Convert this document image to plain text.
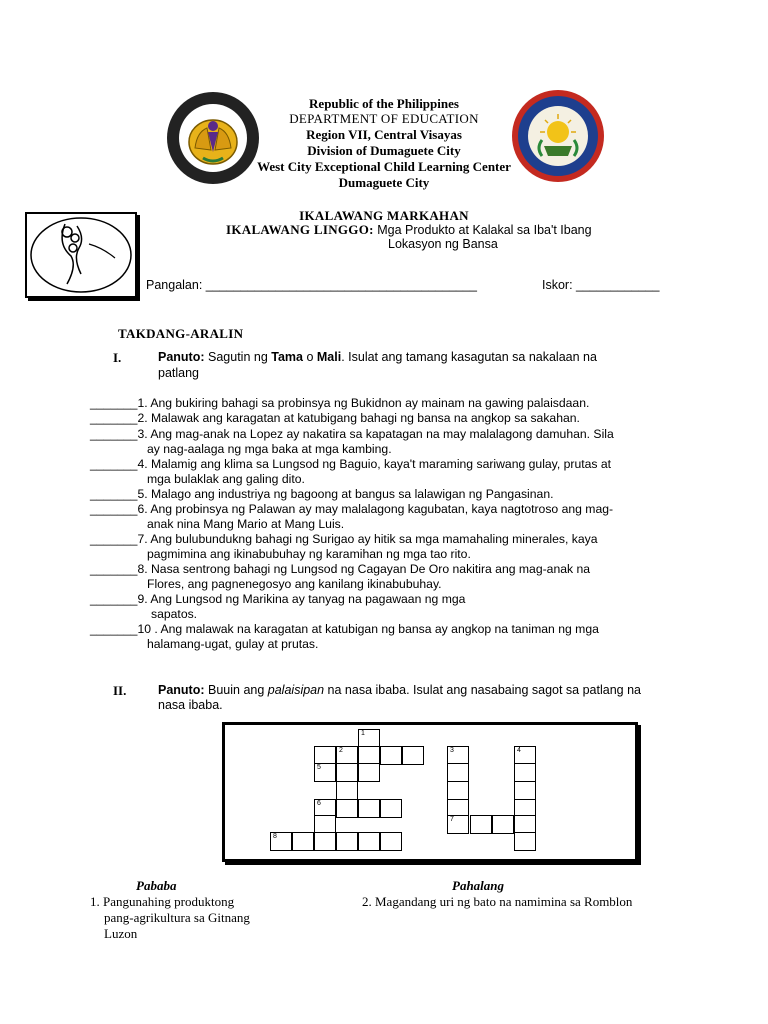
Republic of the Philippines
DEPARTMENT OF EDUCATION
Region VII, Central Visayas
Division of Dumaguete City
West City Exceptional Child Learning Center
Dumaguete City
IKALAWANG MARKAHAN
IKALAWANG LINGGO: Mga Produkto at Kalakal sa Iba't Ibang
Lokasyon ng Bansa
Pangalan: _______________________________________	Iskor: ____________
TAKDANG-ARALIN
I.	Panuto: Sagutin ng Tama o Mali. Isulat ang tamang kasagutan sa nakalaan na
patlang
_______1. Ang bukiring bahagi sa probinsya ng Bukidnon ay mainam na gawing palaisdaan.
_______2. Malawak ang karagatan at katubigang bahagi ng bansa na angkop sa sakahan.
_______3. Ang mag-anak na Lopez ay nakatira sa kapatagan na may malalagong damuhan. Sila
ay nag-aalaga ng mga baka at mga kambing.
_______4. Malamig ang klima sa Lungsod ng Baguio, kaya't maraming sariwang gulay, prutas at
mga bulaklak ang galing dito.
_______5. Malago ang industriya ng bagoong at bangus sa lalawigan ng Pangasinan.
_______6. Ang probinsya ng Palawan ay may malalagong kagubatan, kaya nagtotroso ang mag-
anak nina Mang Mario at Mang Luis.
_______7. Ang bulubundukng bahagi ng Surigao ay hitik sa mga mamahaling minerales, kaya
pagmimina ang ikinabubuhay ng karamihan ng mga tao rito.
_______8. Nasa sentrong bahagi ng Lungsod ng Cagayan De Oro nakitira ang mag-anak na
Flores, ang pagnenegosyo ang kanilang ikinabubuhay.
_______9. Ang Lungsod ng Marikina ay tanyag na pagawaan ng mga
sapatos.
_______10 . Ang malawak na karagatan at katubigan ng bansa ay angkop na taniman ng mga
halamang-ugat, gulay at prutas.
II.	Panuto: Buuin ang palaisipan na nasa ibaba. Isulat ang nasabaing sagot sa patlang na
nasa ibaba.
1
2	3	4
5
6
7
8
Pababa	Pahalang
1. Pangunahing produktong
pang-agrikultura sa Gitnang
Luzon
2. Magandang uri ng bato na namimina sa Romblon
